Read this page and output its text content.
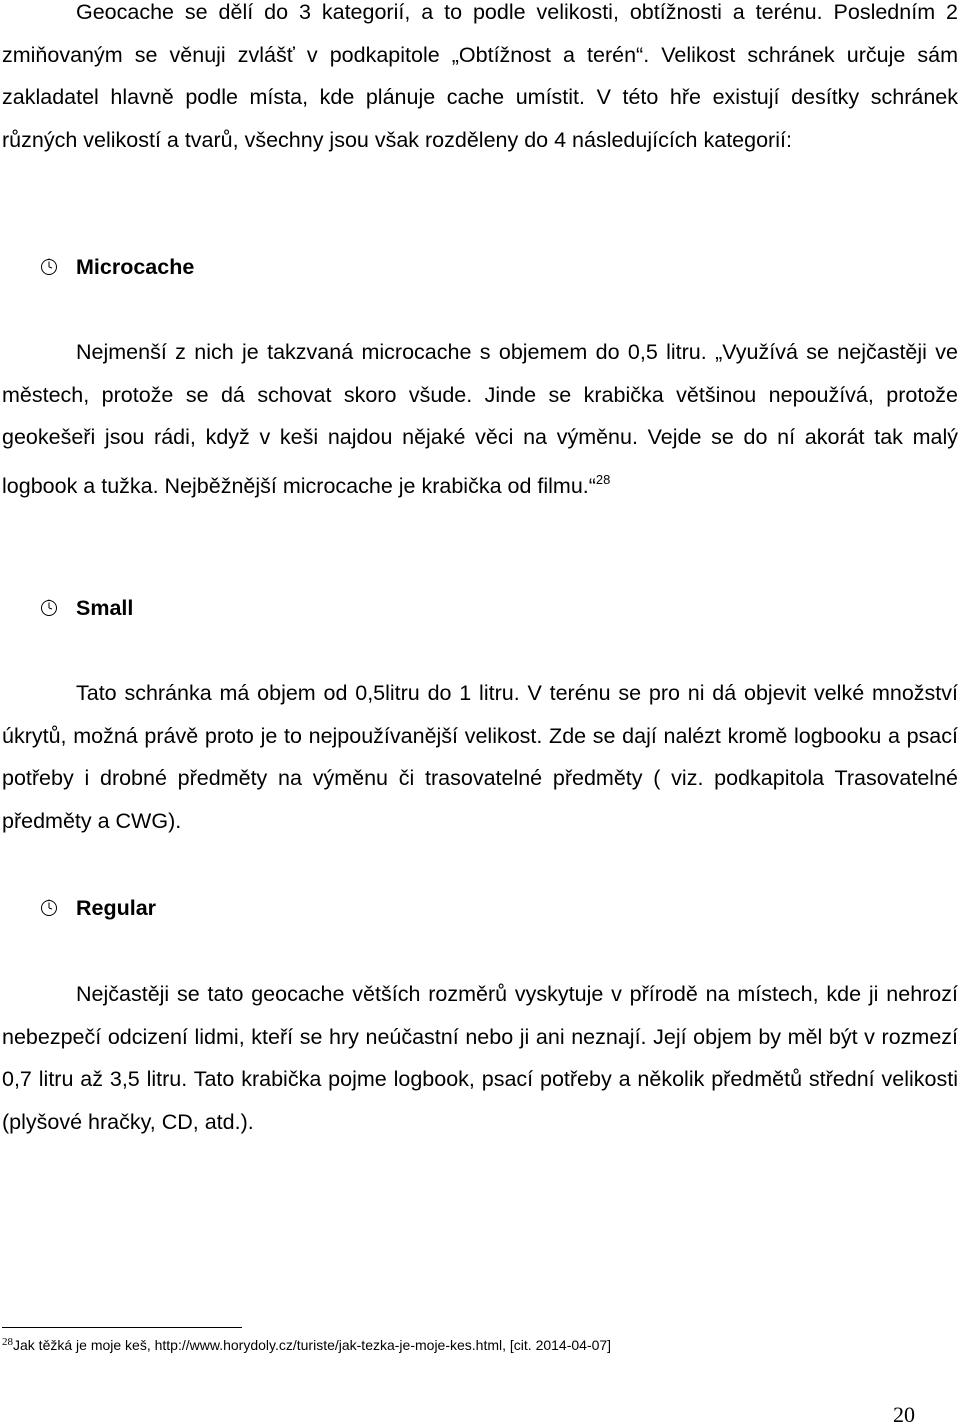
Geocache se dělí do 3 kategorií, a to podle velikosti, obtížnosti a terénu. Posledním 2 zmiňovaným se věnuji zvlášť v podkapitole „Obtížnost a terén“. Velikost schránek určuje sám zakladatel hlavně podle místa, kde plánuje cache umístit. V této hře existují desítky schránek různých velikostí a tvarů, všechny jsou však rozděleny do 4 následujících kategorií:

Microcache

Nejmenší z nich je takzvaná microcache s objemem do 0,5 litru. „Využívá se nejčastěji ve městech, protože se dá schovat skoro všude. Jinde se krabička většinou nepoužívá, protože geokešeři jsou rádi, když v keši najdou nějaké věci na výměnu. Vejde se do ní akorát tak malý logbook a tužka. Nejběžnější microcache je krabička od filmu.“$^{28}$

Small

Tato schránka má objem od 0,5litru do 1 litru. V terénu se pro ni dá objevit velké množství úkrytů, možná právě proto je to nejpoužívanější velikost. Zde se dají nalézt kromě logbooku a psací potřeby i drobné předměty na výměnu či trasovatelné předměty ( viz. podkapitola Trasovatelné předměty a CWG).

Regular

Nejčastěji se tato geocache větších rozměrů vyskytuje v přírodě na místech, kde ji nehrozí nebezpečí odcizení lidmi, kteří se hry neúčastní nebo ji ani neznají. Její objem by měl být v rozmezí 0,7 litru až 3,5 litru. Tato krabička pojme logbook, psací potřeby a několik předmětů střední velikosti (plyšové hračky, CD, atd.).

$^{28}$Jak těžká je moje keš, http://www.horydoly.cz/turiste/jak-tezka-je-moje-kes.html, [cit. 2014-04-07]
20
